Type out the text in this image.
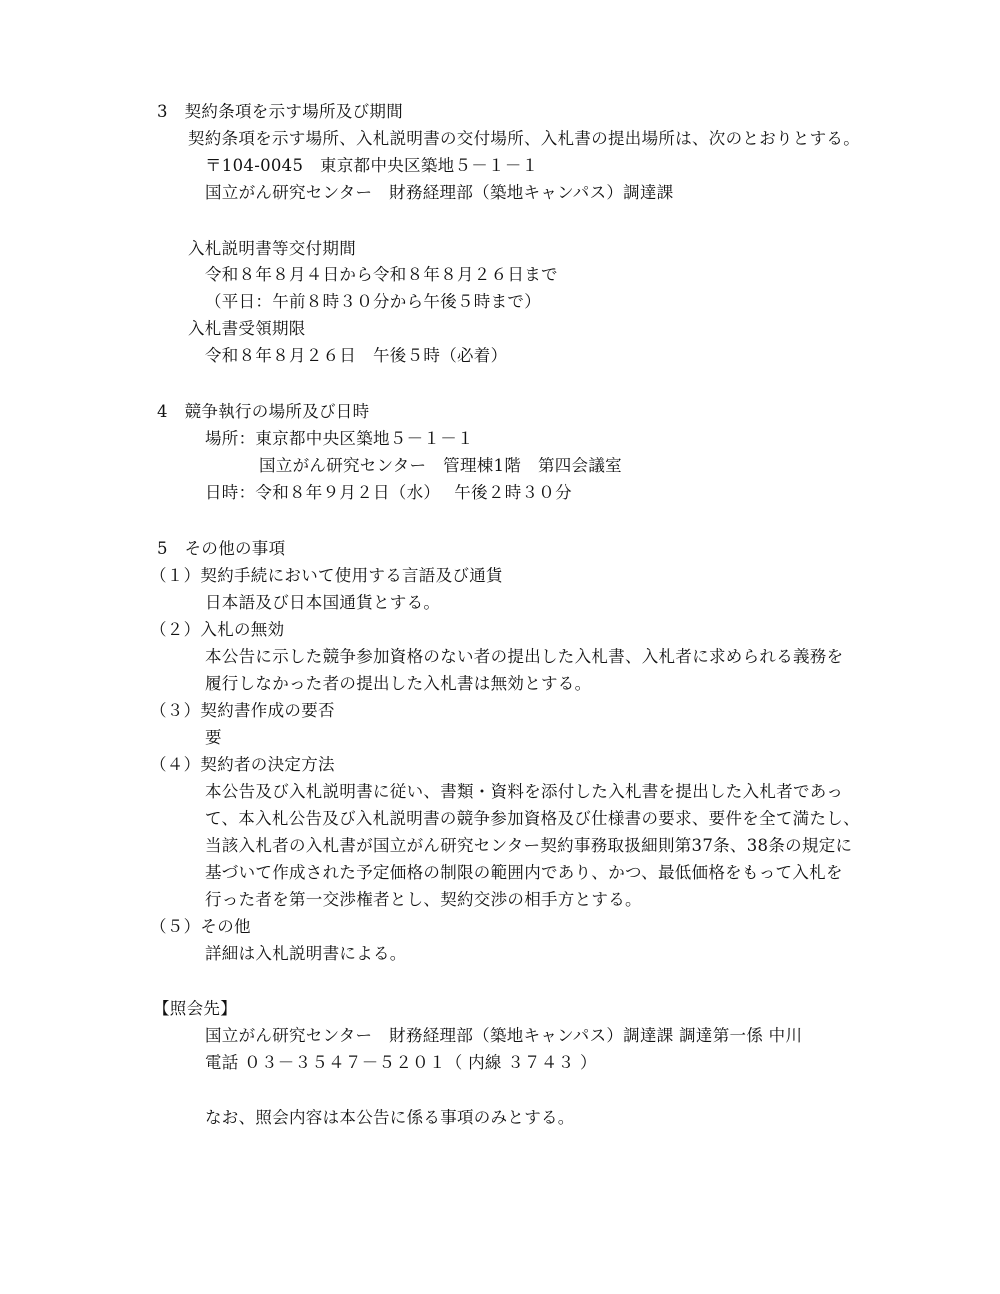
3　契約条項を示す場所及び期間
契約条項を示す場所、入札説明書の交付場所、入札書の提出場所は、次のとおりとする。
〒104-0045　東京都中央区築地５－１－１
国立がん研究センター　財務経理部（築地キャンパス）調達課
入札説明書等交付期間
令和８年８月４日から令和８年８月２６日まで
（平日：午前８時３０分から午後５時まで）
入札書受領期限
令和８年８月２６日　午後５時（必着）
4　競争執行の場所及び日時
場所：東京都中央区築地５－１－１
国立がん研究センター　管理棟1階　第四会議室
日時：令和８年９月２日（水）　 午後２時３０分
5　その他の事項
（１）契約手続において使用する言語及び通貨
日本語及び日本国通貨とする。
（２）入札の無効
本公告に示した競争参加資格のない者の提出した入札書、入札者に求められる義務を
履行しなかった者の提出した入札書は無効とする。
（３）契約書作成の要否
要
（４）契約者の決定方法
本公告及び入札説明書に従い、書類・資料を添付した入札書を提出した入札者であっ
て、本入札公告及び入札説明書の競争参加資格及び仕様書の要求、要件を全て満たし、
当該入札者の入札書が国立がん研究センター契約事務取扱細則第37条、38条の規定に
基づいて作成された予定価格の制限の範囲内であり、かつ、最低価格をもって入札を
行った者を第一交渉権者とし、契約交渉の相手方とする。
（５）その他
詳細は入札説明書による。
【照会先】
国立がん研究センター　財務経理部（築地キャンパス）調達課 調達第一係 中川
電話 ０３－３５４７－５２０１（ 内線 ３７４３ ）
なお、照会内容は本公告に係る事項のみとする。
